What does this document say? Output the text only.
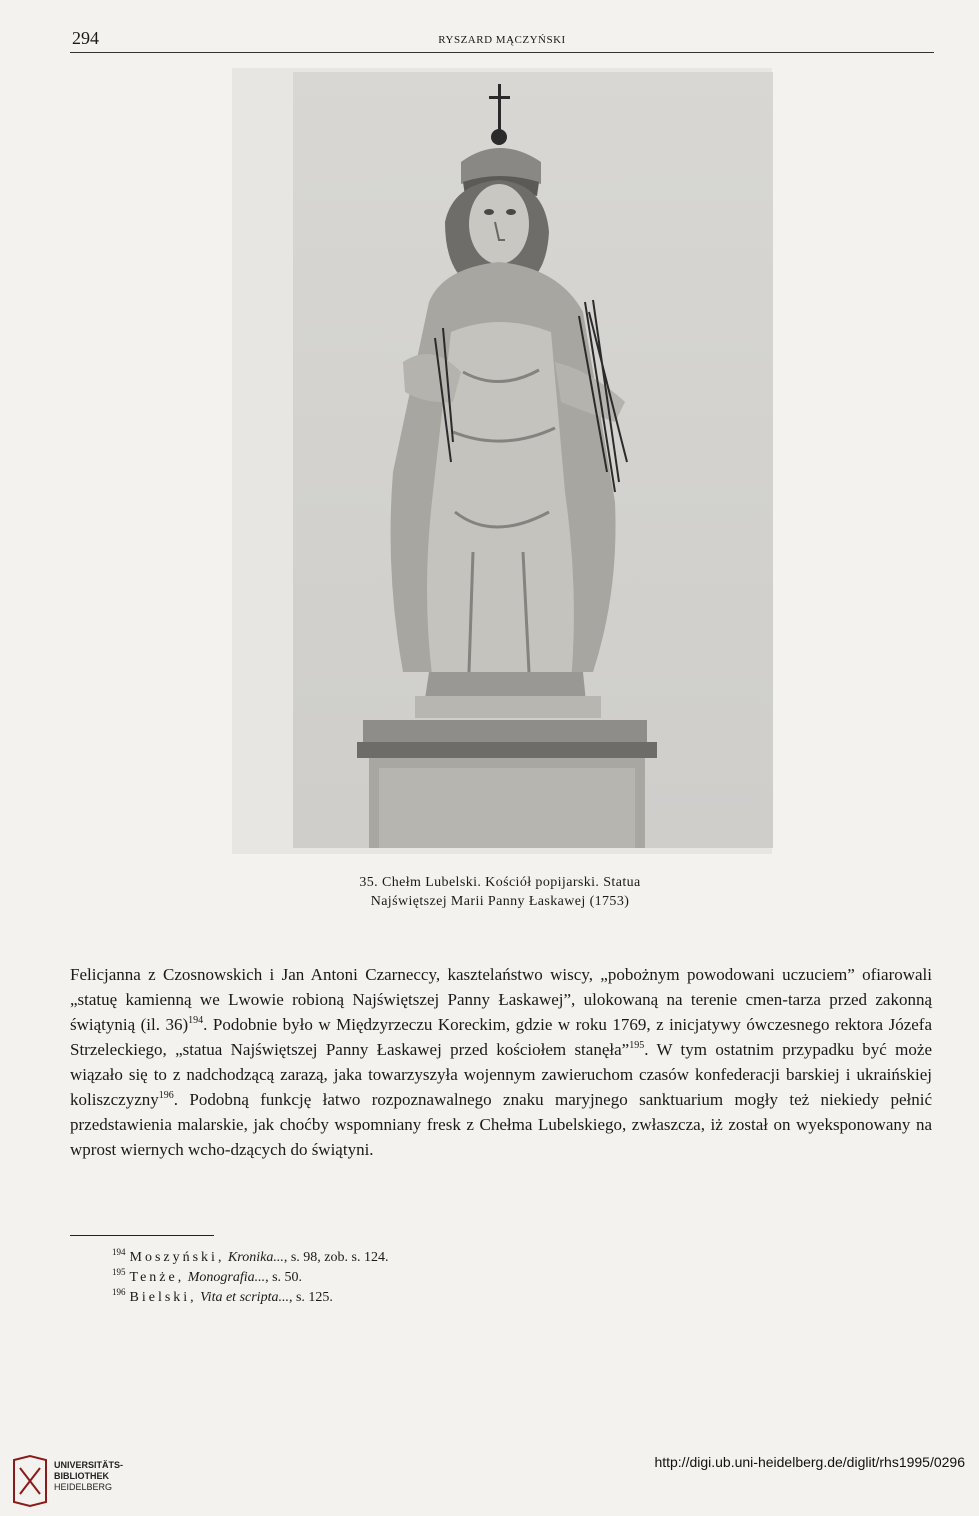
294	RYSZARD MĄCZYŃSKI
35. Chełm Lubelski. Kościół popijarski. Statua
Najświętszej Marii Panny Łaskawej (1753)
Felicjanna z Czosnowskich i Jan Antoni Czarneccy, kasztelaństwo wiscy, „pobożnym powodowani uczuciem” ofiarowali „statuę kamienną we Lwowie robioną Najświętszej Panny Łaskawej”, ulokowaną na terenie cmen-tarza przed zakonną świątynią (il. 36)$^{194}$. Podobnie było w Międzyrzeczu Koreckim, gdzie w roku 1769, z inicjatywy ówczesnego rektora Józefa Strzeleckiego, „statua Najświętszej Panny Łaskawej przed kościołem stanęła”$^{195}$. W tym ostatnim przypadku być może wiązało się to z nadchodzącą zarazą, jaka towarzyszyła wojennym zawieruchom czasów konfederacji barskiej i ukraińskiej koliszczyzny$^{196}$. Podobną funkcję łatwo rozpoznawalnego znaku maryjnego sanktuarium mogły też niekiedy pełnić przedstawienia malarskie, jak choćby wspomniany fresk z Chełma Lubelskiego, zwłaszcza, iż został on wyeksponowany na wprost wiernych wcho-dzących do świątyni.
$^{194}$ Moszyński, Kronika..., s. 98, zob. s. 124.
$^{195}$ Tenże, Monografia..., s. 50.
$^{196}$ Bielski, Vita et scripta..., s. 125.
UNIVERSITÄTS-
BIBLIOTHEK
HEIDELBERG
http://digi.ub.uni-heidelberg.de/diglit/rhs1995/0296
